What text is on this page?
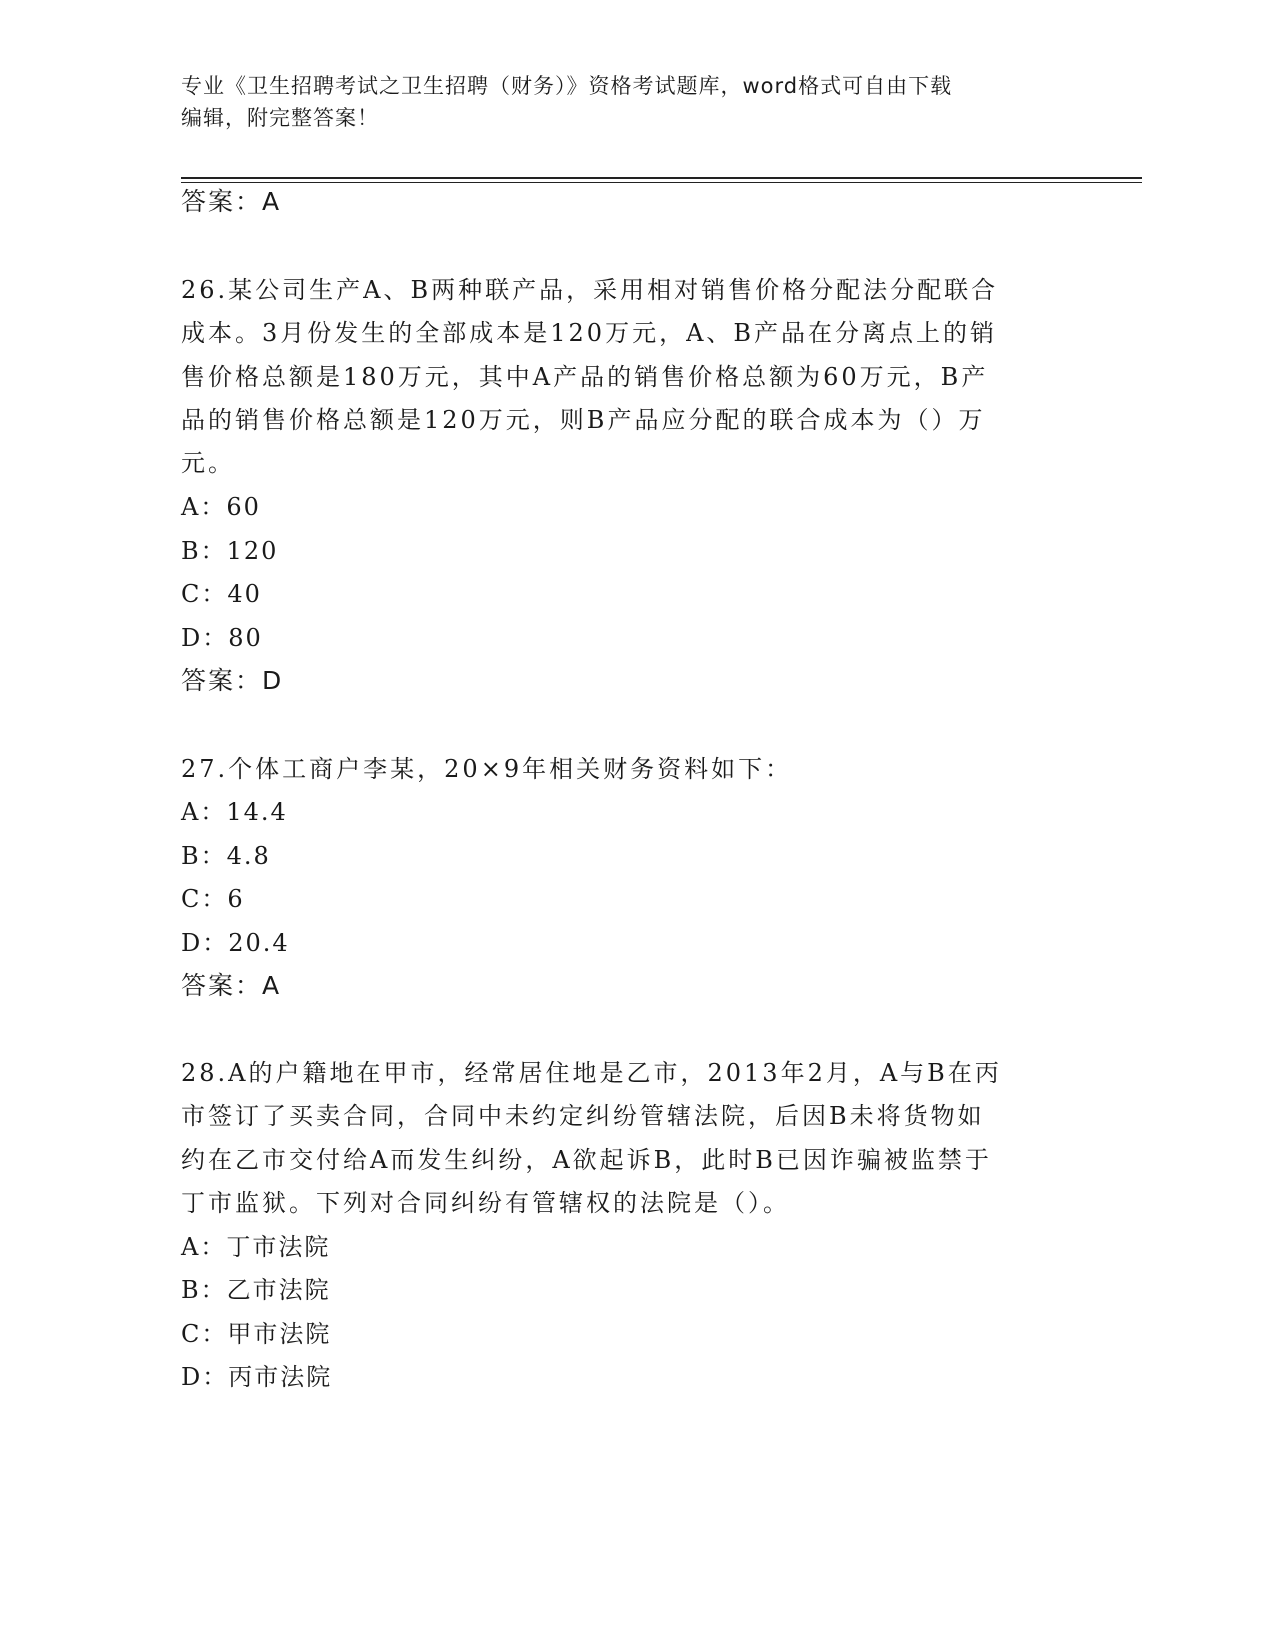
专业《卫生招聘考试之卫生招聘（财务）》资格考试题库，word格式可自由下载
编辑，附完整答案！
答案：A
26.某公司生产A、B两种联产品，采用相对销售价格分配法分配联合
成本。3月份发生的全部成本是120万元，A、B产品在分离点上的销
售价格总额是180万元，其中A产品的销售价格总额为60万元，B产
品的销售价格总额是120万元，则B产品应分配的联合成本为（）万
元。
A：60
B：120
C：40
D：80
答案：D
27.个体工商户李某，20×9年相关财务资料如下：
A：14.4
B：4.8
C：6
D：20.4
答案：A
28.A的户籍地在甲市，经常居住地是乙市，2013年2月，A与B在丙
市签订了买卖合同，合同中未约定纠纷管辖法院，后因B未将货物如
约在乙市交付给A而发生纠纷，A欲起诉B，此时B已因诈骗被监禁于
丁市监狱。下列对合同纠纷有管辖权的法院是（）。
A：丁市法院
B：乙市法院
C：甲市法院
D：丙市法院
